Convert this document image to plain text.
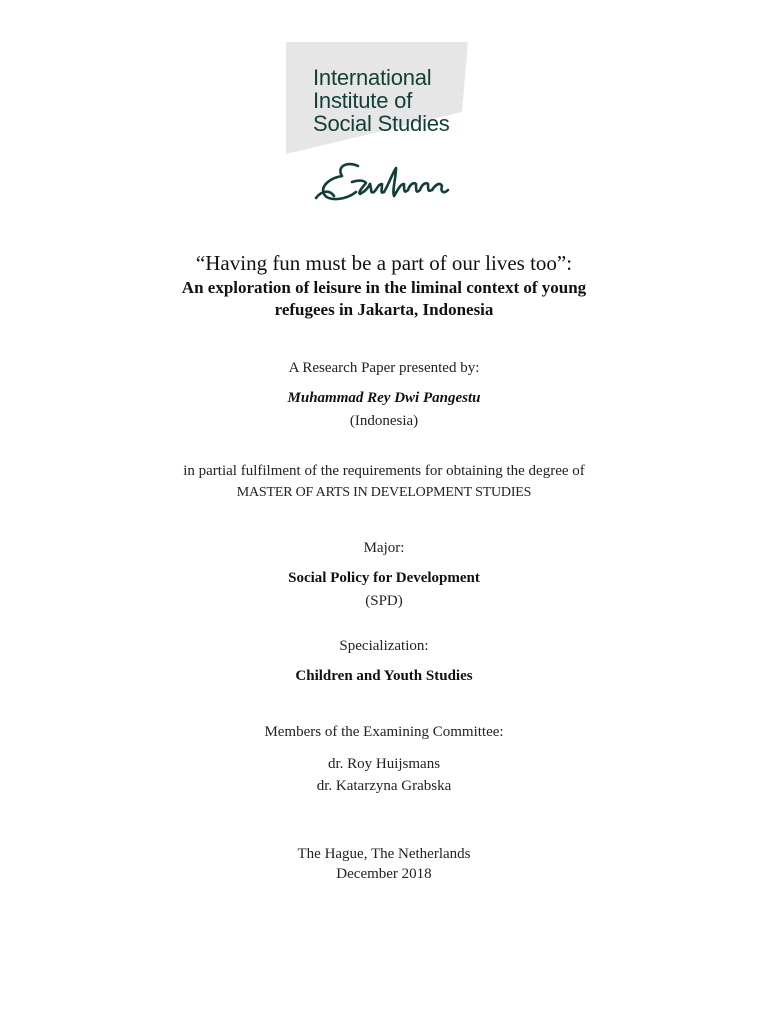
International
Institute of
Social Studies
“Having fun must be a part of our lives too”:
An exploration of leisure in the liminal context of young
refugees in Jakarta, Indonesia
A Research Paper presented by:
Muhammad Rey Dwi Pangestu
(Indonesia)
in partial fulfilment of the requirements for obtaining the degree of
MASTER OF ARTS IN DEVELOPMENT STUDIES
Major:
Social Policy for Development
(SPD)
Specialization:
Children and Youth Studies
Members of the Examining Committee:
dr. Roy Huijsmans
dr. Katarzyna Grabska
The Hague, The Netherlands
December 2018
